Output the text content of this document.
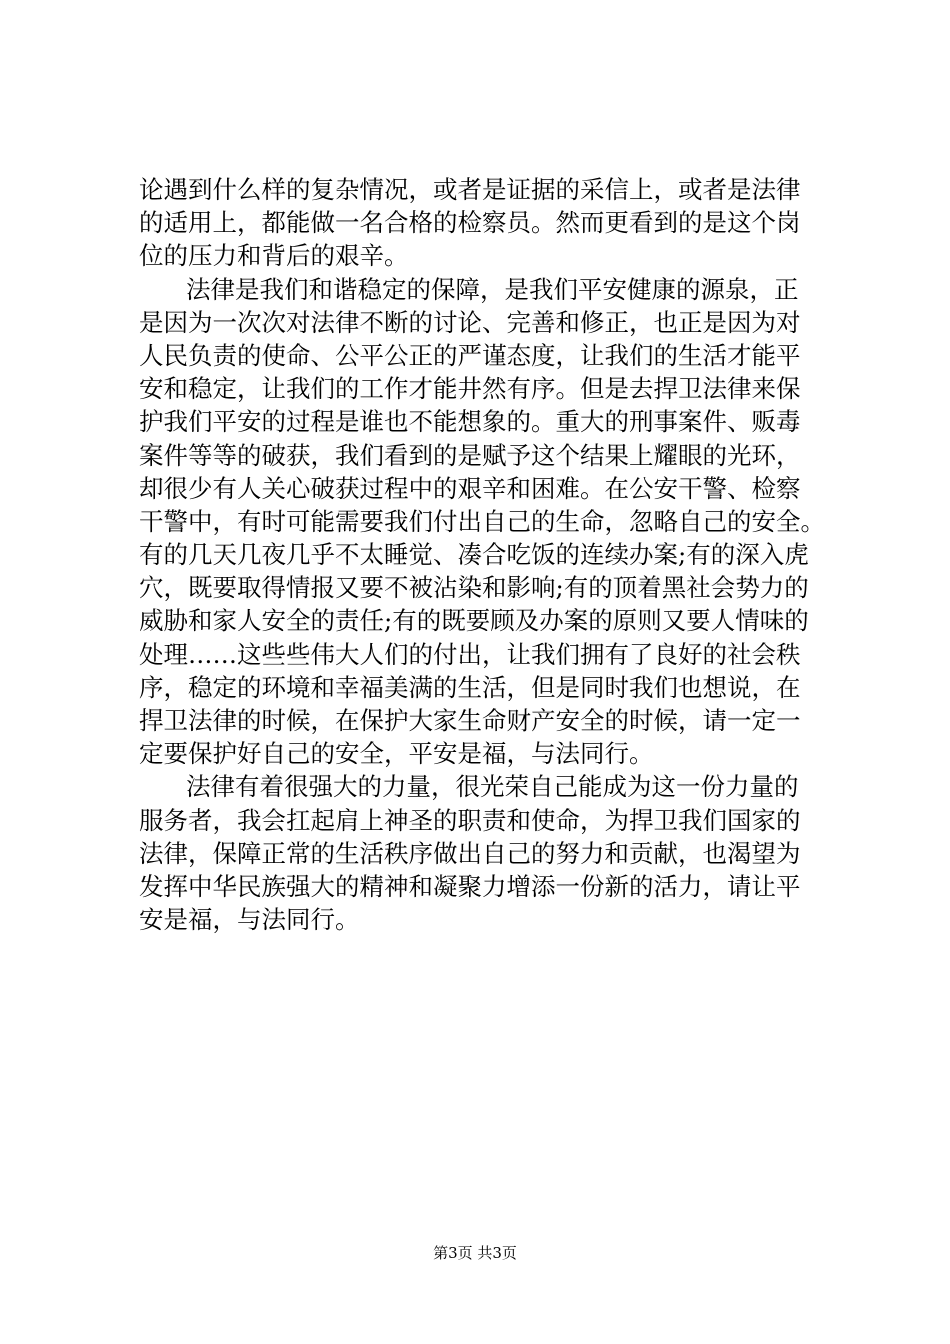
论遇到什么样的复杂情况，或者是证据的采信上，或者是法律
的适用上，都能做一名合格的检察员。然而更看到的是这个岗
位的压力和背后的艰辛。
法律是我们和谐稳定的保障，是我们平安健康的源泉，正
是因为一次次对法律不断的讨论、完善和修正，也正是因为对
人民负责的使命、公平公正的严谨态度，让我们的生活才能平
安和稳定，让我们的工作才能井然有序。但是去捍卫法律来保
护我们平安的过程是谁也不能想象的。重大的刑事案件、贩毒
案件等等的破获，我们看到的是赋予这个结果上耀眼的光环，
却很少有人关心破获过程中的艰辛和困难。在公安干警、检察
干警中，有时可能需要我们付出自己的生命，忽略自己的安全。
有的几天几夜几乎不太睡觉、凑合吃饭的连续办案;有的深入虎
穴，既要取得情报又要不被沾染和影响;有的顶着黑社会势力的
威胁和家人安全的责任;有的既要顾及办案的原则又要人情味的
处理……这些些伟大人们的付出，让我们拥有了良好的社会秩
序，稳定的环境和幸福美满的生活，但是同时我们也想说，在
捍卫法律的时候，在保护大家生命财产安全的时候，请一定一
定要保护好自己的安全，平安是福，与法同行。
法律有着很强大的力量，很光荣自己能成为这一份力量的
服务者，我会扛起肩上神圣的职责和使命，为捍卫我们国家的
法律，保障正常的生活秩序做出自己的努力和贡献，也渴望为
发挥中华民族强大的精神和凝聚力增添一份新的活力，请让平
安是福，与法同行。
第3页 共3页
